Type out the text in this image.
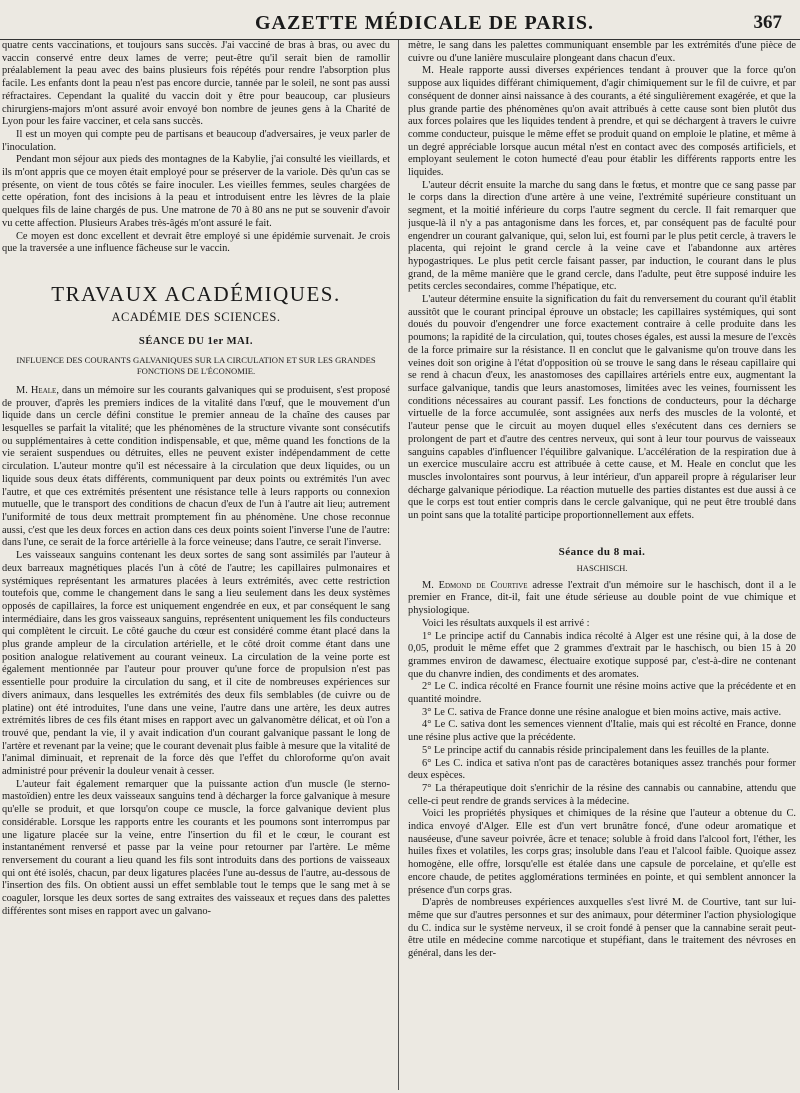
GAZETTE MÉDICALE DE PARIS.	367

quatre cents vaccinations, et toujours sans succès. J'ai vacciné de bras à bras, ou avec du vaccin conservé entre deux lames de verre; peut-être qu'il serait bien de ramollir préalablement la peau avec des bains plusieurs fois répétés pour rendre l'absorption plus facile. Les enfants dont la peau n'est pas encore durcie, tannée par le soleil, ne sont pas aussi réfractaires. Cependant la qualité du vaccin doit y être pour beaucoup, car plusieurs chirurgiens-majors m'ont assuré avoir envoyé bon nombre de jeunes gens à la Charité de Lyon pour les faire vacciner, et cela sans succès.

Il est un moyen qui compte peu de partisans et beaucoup d'adversaires, je veux parler de l'inoculation.

Pendant mon séjour aux pieds des montagnes de la Kabylie, j'ai consulté les vieillards, et ils m'ont appris que ce moyen était employé pour se préserver de la variole. Dès qu'un cas se présente, on vient de tous côtés se faire inoculer. Les vieilles femmes, seules chargées de cette opération, font des incisions à la peau et introduisent entre les lèvres de la plaie quelques fils de laine chargés de pus. Une matrone de 70 à 80 ans ne put se souvenir d'avoir vu cette affection. Plusieurs Arabes très-âgés m'ont assuré le fait.

Ce moyen est donc excellent et devrait être employé si une épidémie survenait. Je crois que la traversée a une influence fâcheuse sur le vaccin.

TRAVAUX ACADÉMIQUES.
ACADÉMIE DES SCIENCES.
SÉANCE DU 1er MAI.
INFLUENCE DES COURANTS GALVANIQUES SUR LA CIRCULATION ET SUR LES GRANDES FONCTIONS DE L'ÉCONOMIE.

M. Heale, dans un mémoire sur les courants galvaniques qui se produisent, s'est proposé de prouver, d'après les premiers indices de la vitalité dans l'œuf, que le mouvement d'un liquide dans un cercle défini constitue le premier anneau de la chaîne des causes par lesquelles se parfait la vitalité; que les phénomènes de la structure vivante sont consécutifs ou supplémentaires à cette condition indispensable, et que, même quand les fonctions de la vie seraient suspendues ou détruites, elles ne peuvent exister indépendamment de cette circulation. L'auteur montre qu'il est nécessaire à la circulation que deux liquides, ou un liquide sous deux états différents, communiquent par deux points ou extrémités l'un avec l'autre, et que ces extrémités présentent une résistance telle à leurs rapports ou connexion mutuelle, que le transport des conditions de chacun d'eux de l'un à l'autre ait lieu; autrement l'uniformité de tous deux mettrait promptement fin au phénomène. Une chose reconnue aussi, c'est que les deux forces en action dans ces deux points soient l'inverse l'une de l'autre: dans l'une, ce serait de la force artérielle à la force veineuse; dans l'autre, ce serait l'inverse.

Les vaisseaux sanguins contenant les deux sortes de sang sont assimilés par l'auteur à deux barreaux magnétiques placés l'un à côté de l'autre; les capillaires pulmonaires et systémiques représentant les armatures placées à leurs extrémités, avec cette restriction toutefois que, comme le changement dans le sang a lieu seulement dans les deux systèmes opposés de capillaires, la force est uniquement engendrée en eux, et par conséquent le sang intermédiaire, dans les gros vaisseaux sanguins, représentent uniquement les fils conducteurs qui complètent le circuit. Le côté gauche du cœur est considéré comme étant placé dans la plus grande ampleur de la circulation artérielle, et le côté droit comme étant dans une position analogue relativement au courant veineux. La circulation de la veine porte est également mentionnée par l'auteur pour prouver qu'une force de propulsion n'est pas essentielle pour produire la circulation du sang, et il cite de nombreuses expériences sur divers animaux, dans lesquelles les extrémités des deux fils semblables (de cuivre ou de platine) ont été introduites, l'une dans une veine, l'autre dans une artère, les deux autres extrémités libres de ces fils étant mises en rapport avec un galvanomètre délicat, et où l'on a trouvé que, pendant la vie, il y avait indication d'un courant galvanique passant le long de l'artère et revenant par la veine; que le courant devenait plus faible à mesure que la vitalité de l'animal diminuait, et reprenait de la force dès que l'effet du chloroforme qu'on avait administré pour prévenir la douleur venait à cesser.

L'auteur fait également remarquer que la puissante action d'un muscle (le sterno-mastoïdien) entre les deux vaisseaux sanguins tend à décharger la force galvanique à mesure qu'elle se produit, et que lorsqu'on coupe ce muscle, la force galvanique devient plus considérable. Lorsque les rapports entre les courants et les poumons sont interrompus par une ligature placée sur la veine, entre l'insertion du fil et le cœur, le courant est instantanément renversé et passe par la veine pour retourner par l'artère. Le même renversement du courant a lieu quand les fils sont introduits dans des portions de vaisseaux qui ont été isolés, chacun, par deux ligatures placées l'une au-dessus de l'autre, au-dessous de l'insertion des fils. On obtient aussi un effet semblable tout le temps que le sang met à se coaguler, lorsque les deux sortes de sang extraites des vaisseaux et reçues dans des palettes différentes sont mises en rapport avec un galvano-

mètre, le sang dans les palettes communiquant ensemble par les extrémités d'une pièce de cuivre ou d'une lanière musculaire plongeant dans chacun d'eux.

M. Heale rapporte aussi diverses expériences tendant à prouver que la force qu'on suppose aux liquides différant chimiquement, d'agir chimiquement sur le fil de cuivre, et par conséquent de donner ainsi naissance à des courants, a été singulièrement exagérée, et que la plus grande partie des phénomènes qu'on avait attribués à cette cause sont bien plutôt dus aux forces polaires que les liquides tendent à prendre, et qui se déchargent à travers le cuivre comme conducteur, puisque le même effet se produit quand on emploie le platine, et même à un degré appréciable lorsque aucun métal n'est en contact avec des composés artificiels, et employant seulement le coton humecté d'eau pour établir les différents rapports entre les liquides.

L'auteur décrit ensuite la marche du sang dans le fœtus, et montre que ce sang passe par le corps dans la direction d'une artère à une veine, l'extrémité supérieure constituant un segment, et la moitié inférieure du corps l'autre segment du cercle. Il fait remarquer que jusque-là il n'y a pas antagonisme dans les forces, et, par conséquent pas de faculté pour engendrer un courant galvanique, qui, selon lui, est fourni par le plus petit cercle, à travers le placenta, qui rejoint le grand cercle à la veine cave et l'abandonne aux artères hypogastriques. Le plus petit cercle faisant passer, par induction, le courant dans le plus grand, de la même manière que le grand cercle, dans l'adulte, peut être supposé induire les petits cercles secondaires, comme l'hépatique, etc.

L'auteur détermine ensuite la signification du fait du renversement du courant qu'il établit aussitôt que le courant principal éprouve un obstacle; les capillaires systémiques, qui sont doués du pouvoir d'engendrer une force exactement contraire à celle produite dans les poumons; la rapidité de la circulation, qui, toutes choses égales, est aussi la mesure de l'excès de la force primaire sur la résistance. Il en conclut que le galvanisme qu'on trouve dans les veines doit son origine à l'état d'opposition où se trouve le sang dans le réseau capillaire qui se rend à chacun d'eux, les anastomoses des capillaires artériels entre eux, augmentant la surface galvanique, tandis que leurs anastomoses, limitées avec les veines, fournissent les conditions nécessaires au courant passif. Les fonctions de conducteurs, pour la décharge virtuelle de la force accumulée, sont assignées aux nerfs des muscles de la volonté, et l'auteur pense que le circuit au moyen duquel elles s'exécutent dans ces derniers se prolongent de part et d'autre des centres nerveux, qui sont à leur tour pourvus de vaisseaux sanguins capables d'influencer l'équilibre galvanique. L'accélération de la respiration due à un exercice musculaire accru est attribuée à cette cause, et M. Heale en conclut que les muscles involontaires sont pourvus, à leur intérieur, d'un appareil propre à régulariser leur décharge galvanique périodique. La réaction mutuelle des parties distantes est due aussi à ce que le corps est tout entier compris dans le cercle galvanique, qui ne peut être troublé dans un point sans que la totalité participe proportionnellement aux effets.

Séance du 8 mai.
HASCHISCH.

M. Edmond de Courtive adresse l'extrait d'un mémoire sur le haschisch, dont il a le premier en France, dit-il, fait une étude sérieuse au double point de vue chimique et physiologique.

Voici les résultats auxquels il est arrivé :

1° Le principe actif du Cannabis indica récolté à Alger est une résine qui, à la dose de 0,05, produit le même effet que 2 grammes d'extrait par le haschisch, ou bien 15 à 20 grammes environ de dawamesc, électuaire exotique supposé par, c'est-à-dire ne contenant que du chanvre indien, des condiments et des aromates.

2° Le C. indica récolté en France fournit une résine moins active que la précédente et en quantité moindre.

3° Le C. sativa de France donne une résine analogue et bien moins active, mais active.

4° Le C. sativa dont les semences viennent d'Italie, mais qui est récolté en France, donne une résine plus active que la précédente.

5° Le principe actif du cannabis réside principalement dans les feuilles de la plante.

6° Les C. indica et sativa n'ont pas de caractères botaniques assez tranchés pour former deux espèces.

7° La thérapeutique doit s'enrichir de la résine des cannabis ou cannabine, attendu que celle-ci peut rendre de grands services à la médecine.

Voici les propriétés physiques et chimiques de la résine que l'auteur a obtenue du C. indica envoyé d'Alger. Elle est d'un vert brunâtre foncé, d'une odeur aromatique et nauséeuse, d'une saveur poivrée, âcre et tenace; soluble à froid dans l'alcool fort, l'éther, les huiles fixes et volatiles, les corps gras; insoluble dans l'eau et l'alcool faible. Quoique assez homogène, elle offre, lorsqu'elle est étalée dans une capsule de porcelaine, et qu'elle est encore chaude, de petites agglomérations terminées en pointe, et qui semblent annoncer la présence d'un corps gras.

D'après de nombreuses expériences auxquelles s'est livré M. de Courtive, tant sur lui-même que sur d'autres personnes et sur des animaux, pour déterminer l'action physiologique du C. indica sur le système nerveux, il se croit fondé à penser que la cannabine serait peut-être utile en médecine comme narcotique et stupéfiant, dans le traitement des névroses en général, dans les der-
